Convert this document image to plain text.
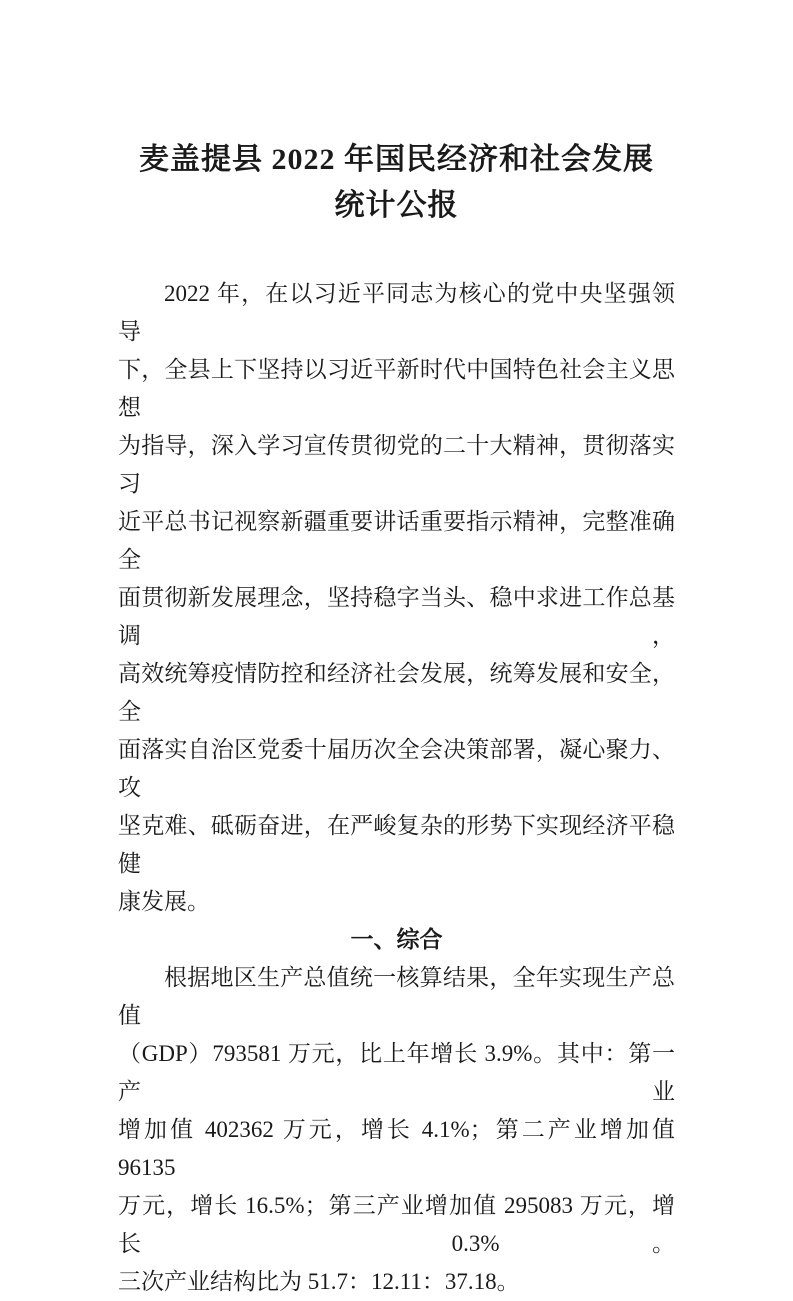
麦盖提县 2022 年国民经济和社会发展
统计公报

2022 年，在以习近平同志为核心的党中央坚强领导
下，全县上下坚持以习近平新时代中国特色社会主义思想
为指导，深入学习宣传贯彻党的二十大精神，贯彻落实习
近平总书记视察新疆重要讲话重要指示精神，完整准确全
面贯彻新发展理念，坚持稳字当头、稳中求进工作总基调，
高效统筹疫情防控和经济社会发展，统筹发展和安全，全
面落实自治区党委十届历次全会决策部署，凝心聚力、攻
坚克难、砥砺奋进，在严峻复杂的形势下实现经济平稳健
康发展。

一、综合

根据地区生产总值统一核算结果，全年实现生产总值
（GDP）793581 万元，比上年增长 3.9%。其中：第一产业
增加值 402362 万元，增长 4.1%；第二产业增加值 96135
万元，增长 16.5%；第三产业增加值 295083 万元，增长 0.3%。
三次产业结构比为 51.7：12.11：37.18。
